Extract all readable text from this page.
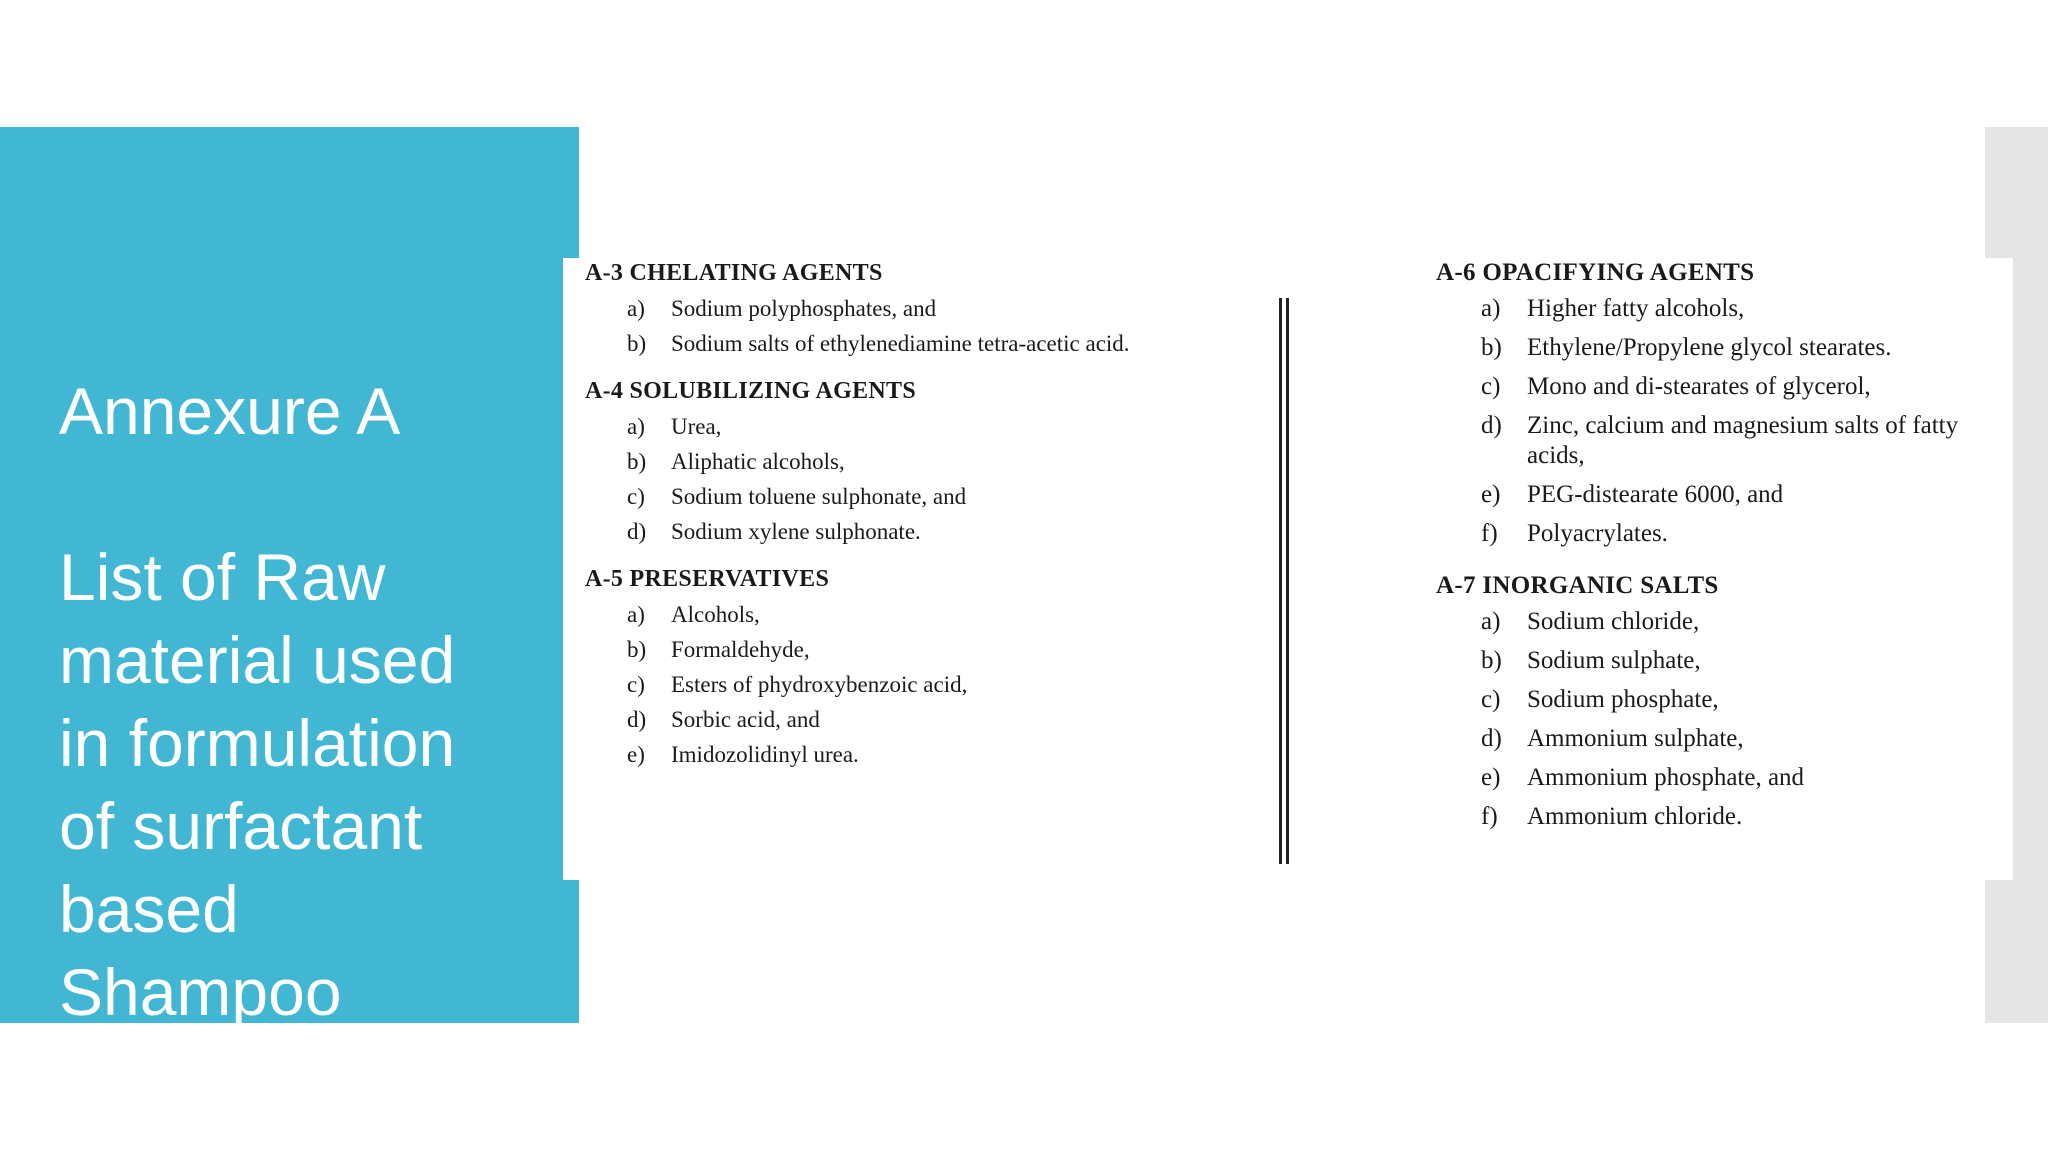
Annexure A
List of Raw
material used
in formulation
of surfactant
based
Shampoo

A-3 CHELATING AGENTS

a) Sodium polyphosphates, and
b) Sodium salts of ethylenediamine tetra-acetic acid.

A-4 SOLUBILIZING AGENTS

a) Urea,
b) Aliphatic alcohols,
c) Sodium toluene sulphonate, and
d) Sodium xylene sulphonate.

A-5 PRESERVATIVES

a) Alcohols,
b) Formaldehyde,
c) Esters of phydroxybenzoic acid,
d) Sorbic acid, and
e) Imidozolidinyl urea.

A-6 OPACIFYING AGENTS

a) Higher fatty alcohols,
b) Ethylene/Propylene glycol stearates.
c) Mono and di-stearates of glycerol,
d) Zinc, calcium and magnesium salts of fatty acids,
e) PEG-distearate 6000, and
f) Polyacrylates.

A-7 INORGANIC SALTS

a) Sodium chloride,
b) Sodium sulphate,
c) Sodium phosphate,
d) Ammonium sulphate,
e) Ammonium phosphate, and
f) Ammonium chloride.
